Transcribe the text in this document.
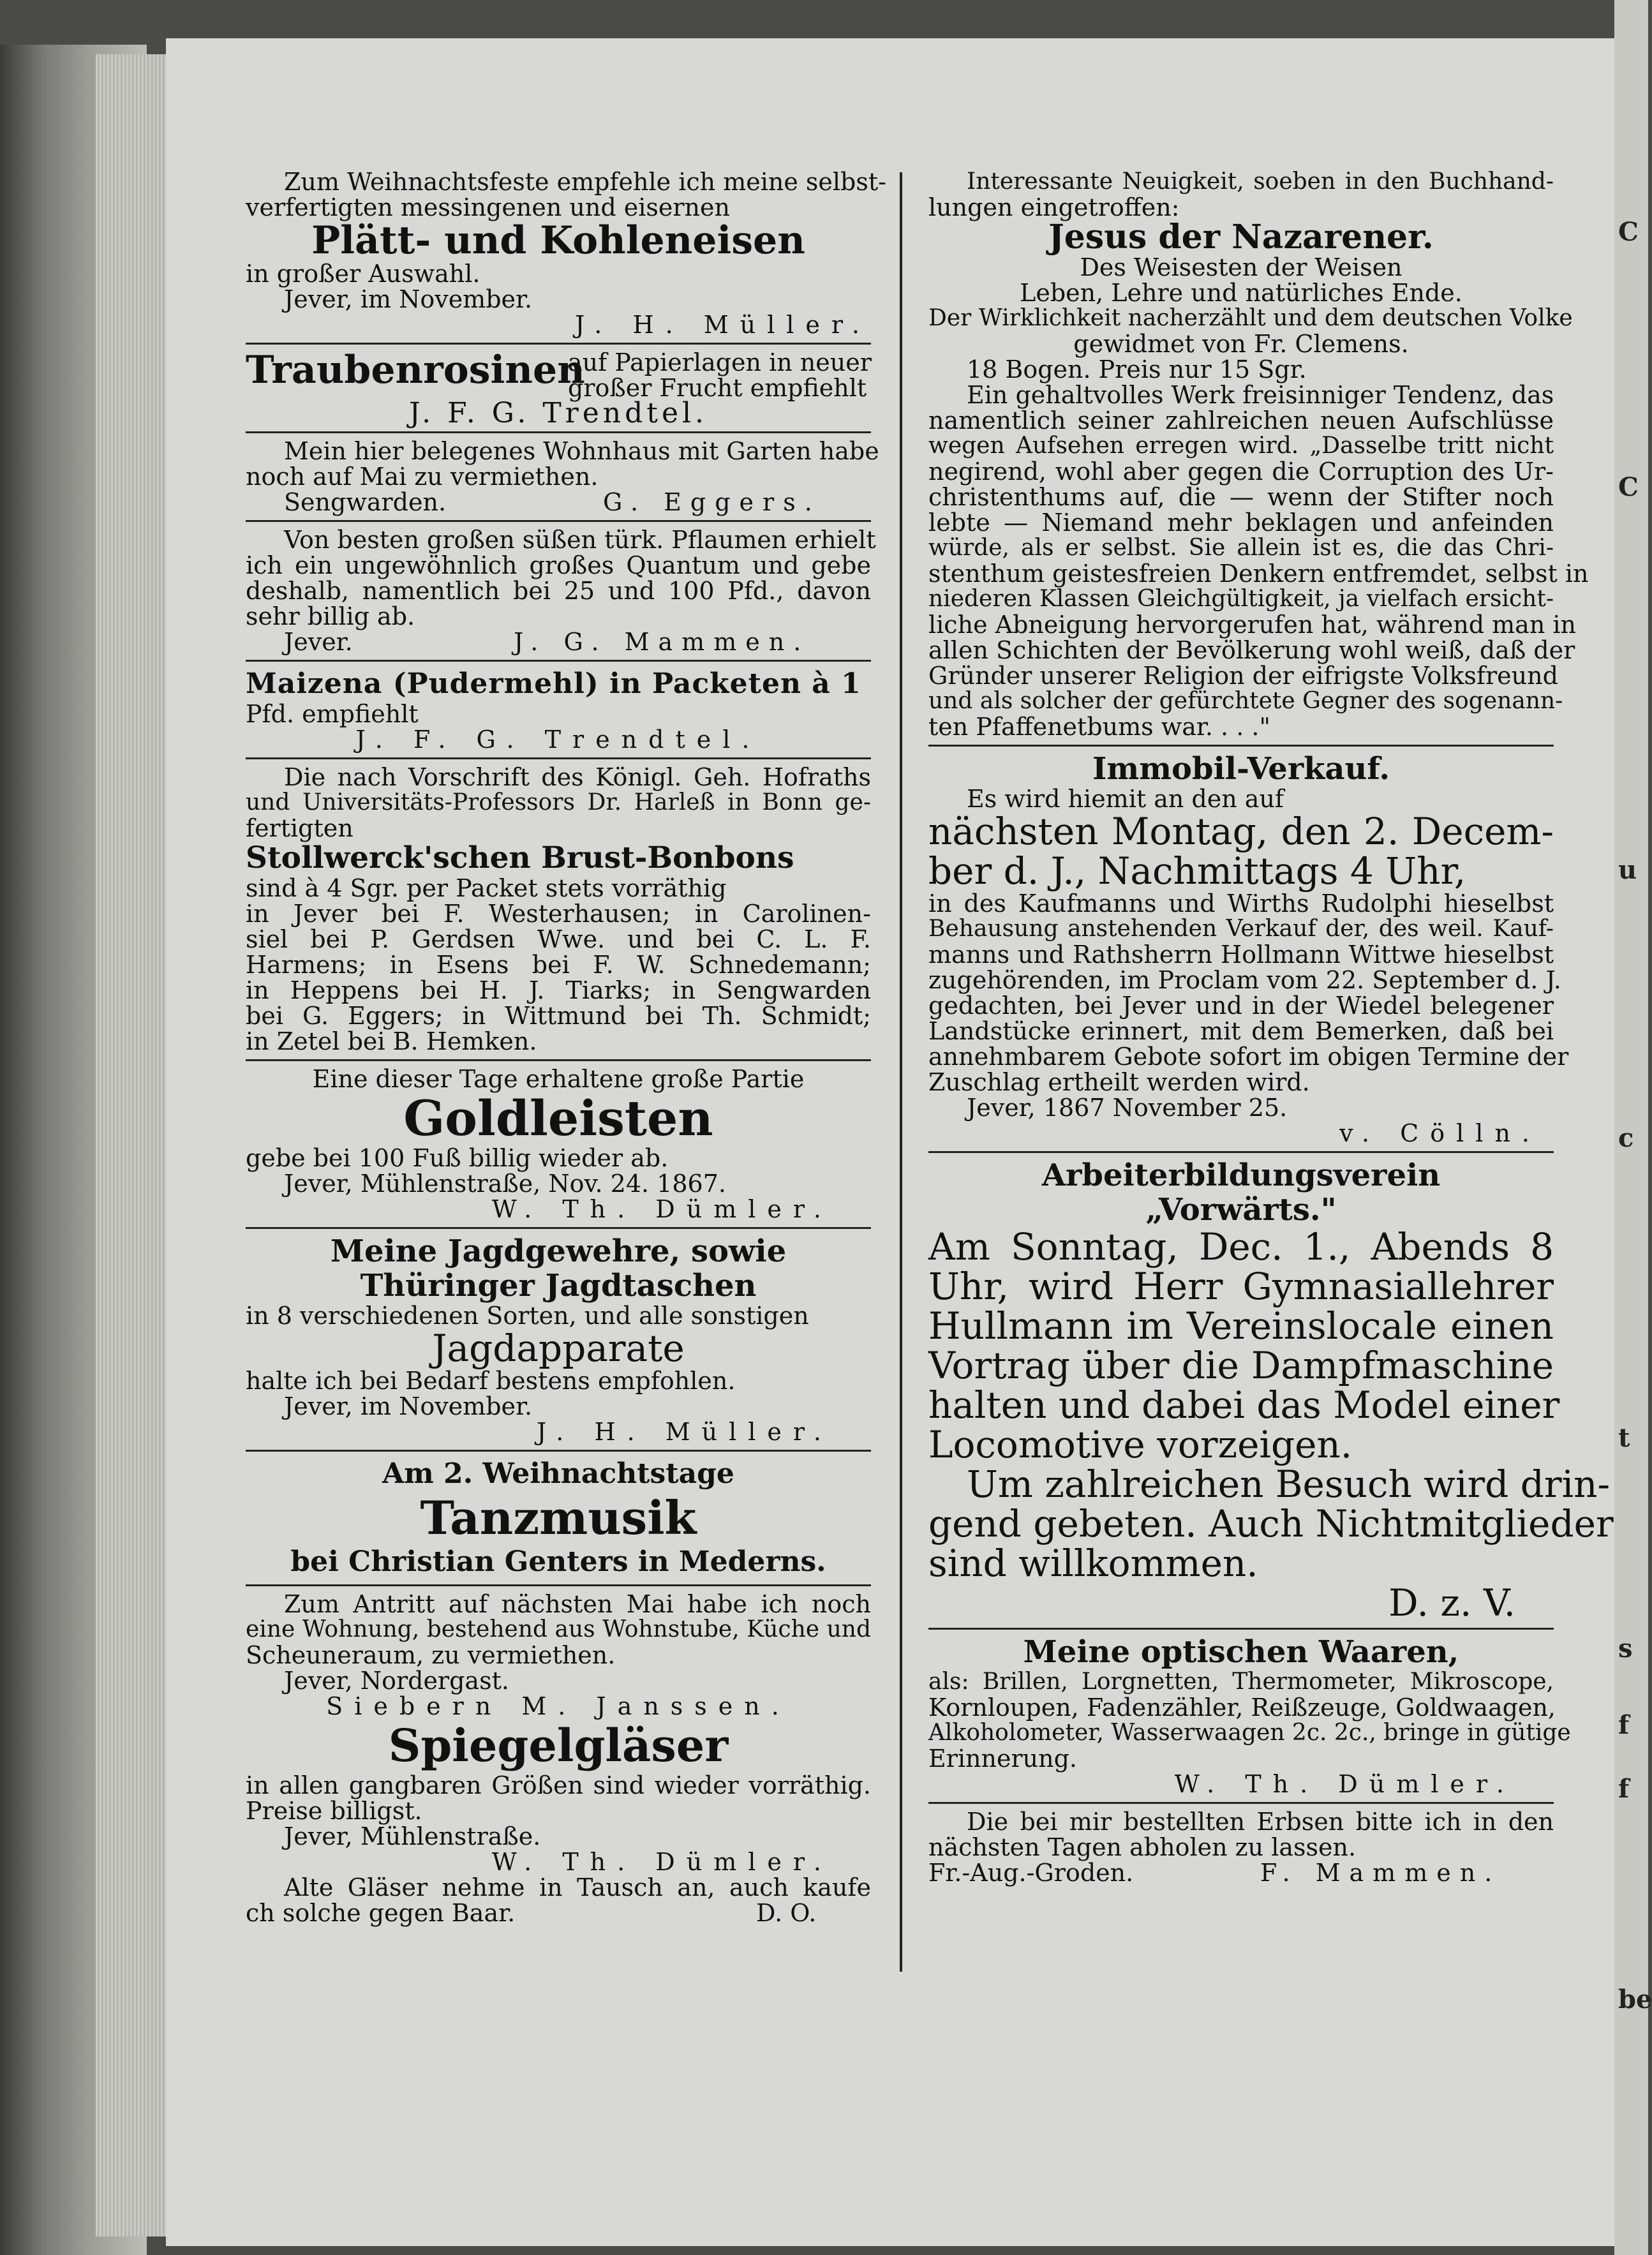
C
C
u
c
t
s
f
f
be
Zum Weihnachtsfeste empfehle ich meine selbst-
verfertigten messingenen und eisernen
Plätt- und Kohleneisen
in großer Auswahl.
Jever, im November.
J. H. Müller.
Traubenrosinen
auf Papierlagen in neuer
großer Frucht empfiehlt
J. F. G. Trendtel.
Mein hier belegenes Wohnhaus mit Garten habe
noch auf Mai zu vermiethen.
Sengwarden.	G. Eggers.
Von besten großen süßen türk. Pflaumen erhielt
ich ein ungewöhnlich großes Quantum und gebe
deshalb, namentlich bei 25 und 100 Pfd., davon
sehr billig ab.
Jever.	J. G. Mammen.
Maizena (Pudermehl) in Packeten à 1
Pfd. empfiehlt
J. F. G. Trendtel.
Die nach Vorschrift des Königl. Geh. Hofraths
und Universitäts-Professors Dr. Harleß in Bonn ge-
fertigten
Stollwerck'schen Brust-Bonbons
sind à 4 Sgr. per Packet stets vorräthig
in Jever bei F. Westerhausen; in Carolinen-
siel bei P. Gerdsen Wwe. und bei C. L. F.
Harmens; in Esens bei F. W. Schnedemann;
in Heppens bei H. J. Tiarks; in Sengwarden
bei G. Eggers; in Wittmund bei Th. Schmidt;
in Zetel bei B. Hemken.
Eine dieser Tage erhaltene große Partie
Goldleisten
gebe bei 100 Fuß billig wieder ab.
Jever, Mühlenstraße, Nov. 24. 1867.
W. Th. Dümler.
Meine Jagdgewehre, sowie
Thüringer Jagdtaschen
in 8 verschiedenen Sorten, und alle sonstigen
Jagdapparate
halte ich bei Bedarf bestens empfohlen.
Jever, im November.
J. H. Müller.
Am 2. Weihnachtstage
Tanzmusik
bei Christian Genters in Mederns.
Zum Antritt auf nächsten Mai habe ich noch
eine Wohnung, bestehend aus Wohnstube, Küche und
Scheuneraum, zu vermiethen.
Jever, Nordergast.
Siebern M. Janssen.
Spiegelgläser
in allen gangbaren Größen sind wieder vorräthig.
Preise billigst.
Jever, Mühlenstraße.
W. Th. Dümler.
Alte Gläser nehme in Tausch an, auch kaufe
ch solche gegen Baar.	D. O.
Interessante Neuigkeit, soeben in den Buchhand-
lungen eingetroffen:
Jesus der Nazarener.
Des Weisesten der Weisen
Leben, Lehre und natürliches Ende.
Der Wirklichkeit nacherzählt und dem deutschen Volke
gewidmet von Fr. Clemens.
18 Bogen. Preis nur 15 Sgr.
Ein gehaltvolles Werk freisinniger Tendenz, das
namentlich seiner zahlreichen neuen Aufschlüsse
wegen Aufsehen erregen wird. „Dasselbe tritt nicht
negirend, wohl aber gegen die Corruption des Ur-
christenthums auf, die — wenn der Stifter noch
lebte — Niemand mehr beklagen und anfeinden
würde, als er selbst. Sie allein ist es, die das Chri-
stenthum geistesfreien Denkern entfremdet, selbst in
niederen Klassen Gleichgültigkeit, ja vielfach ersicht-
liche Abneigung hervorgerufen hat, während man in
allen Schichten der Bevölkerung wohl weiß, daß der
Gründer unserer Religion der eifrigste Volksfreund
und als solcher der gefürchtete Gegner des sogenann-
ten Pfaffenetbums war. . . ."
Immobil-Verkauf.
Es wird hiemit an den auf
nächsten Montag, den 2. Decem-
ber d. J., Nachmittags 4 Uhr,
in des Kaufmanns und Wirths Rudolphi hieselbst
Behausung anstehenden Verkauf der, des weil. Kauf-
manns und Rathsherrn Hollmann Wittwe hieselbst
zugehörenden, im Proclam vom 22. September d. J.
gedachten, bei Jever und in der Wiedel belegener
Landstücke erinnert, mit dem Bemerken, daß bei
annehmbarem Gebote sofort im obigen Termine der
Zuschlag ertheilt werden wird.
Jever, 1867 November 25.
v. Cölln.
Arbeiterbildungsverein
„Vorwärts."
Am Sonntag, Dec. 1., Abends 8
Uhr, wird Herr Gymnasiallehrer
Hullmann im Vereinslocale einen
Vortrag über die Dampfmaschine
halten und dabei das Model einer
Locomotive vorzeigen.
Um zahlreichen Besuch wird drin-
gend gebeten. Auch Nichtmitglieder
sind willkommen.
D. z. V.
Meine optischen Waaren,
als: Brillen, Lorgnetten, Thermometer, Mikroscope,
Kornloupen, Fadenzähler, Reißzeuge, Goldwaagen,
Alkoholometer, Wasserwaagen 2c. 2c., bringe in gütige
Erinnerung.
W. Th. Dümler.
Die bei mir bestellten Erbsen bitte ich in den
nächsten Tagen abholen zu lassen.
Fr.-Aug.-Groden.	F. Mammen.
